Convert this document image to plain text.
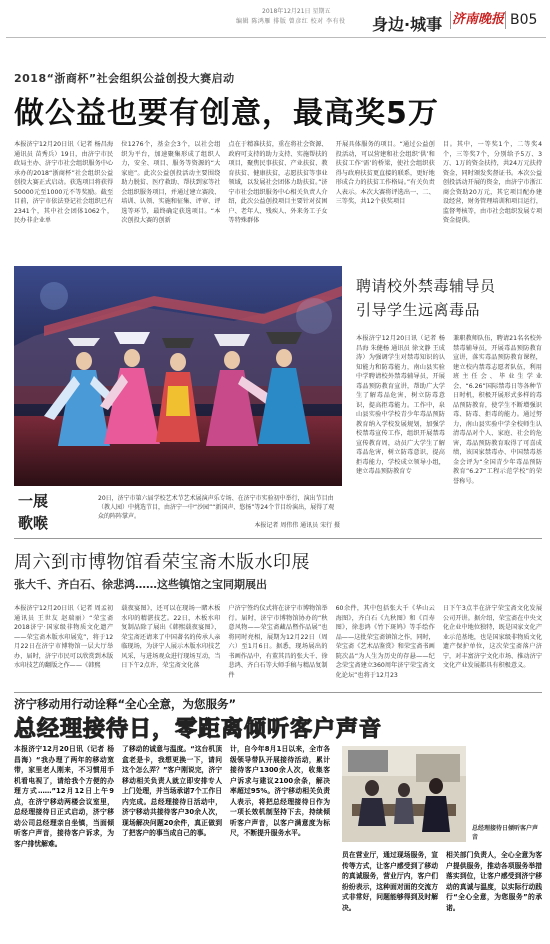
2018年12月21日 星期五
编辑 陈鸿雁 排版 曾彦红 校对 李有役 身边·城事 济南晚报 B05
2018“浙商杯”社会组织公益创投大赛启动
做公益也要有创意，最高奖5万
本报济宁12月20日讯（记者 杨昌海 通讯员 苗秀兵）19日，由济宁市民政局主办、济宁市社会组织服务中心承办的2018“浙商杯”社会组织公益创投大赛正式启动。获选项目将获得50000元至1000元不等奖励。截至目前，济宁市依法登记社会组织已有2341个，其中社会团体1062个，民办非企业单
位1276个，基金会3个，以社会组织为平台，加速聚集形成了组织人力，安全、项目、服务等资源的“大家庭”。此次公益创投活动主要围绕助力脱贫、医疗救助、帮扶到家等社会组织服务项目，并通过建立赛段、培训、认领、实施和征集、评审、评选等环节，最终确定获选项目。“本次创投大赛的创新
点在于精准扶贫，重在将社会资源、政府可支持的助力支持、实施帮扶的项目，聚焦民事扶贫、产业扶贫、教育扶贫、健康扶贫，志愿扶贫等事业领域，以发展社会团体力助扶贫。”济宁市社会组织服务中心相关负责人介绍，此次公益创投项目主要针对贫困户、老年人、残疾人、外来务工子女等特殊群体
开展具体服务的项目。“通过公益创投活动，可以营建和社会组织‘供’和扶贫工作‘需’的桥梁，使社会组织获得与政府扶贫更直接的联系，更好地形成合力的扶贫工作格局。”有关负责人表示。本次大赛将评选出一、二、三等奖，共12个获奖项目
目。其中，一等奖1个，二等奖4个，三等奖7个，分别给予5万、3万、1万的资金扶持，共24万元扶持资金，同时颁发奖督证书。本次公益创投活动开展的资金，由济宁市浙江商会资助20万元，其它项目配办建设经营，财务管理培训和项目运行，监督考核等，由市社会组织发展专项资金提供。
一展
歌喉
20日，济宁市第六届学校艺术节艺术展演声乐专场、在济宁市实验初中举行，演出节目由（教人园）中挑选节目，由济宁一中“沙园”“新国声、悠扬”等24个节目纷演出，展得了观众的阵阵掌声。
本报记者 周伟伟 通讯员 宋行 摄
聘请校外禁毒辅导员
引导学生远离毒品
本报济宁12月20日讯（记者 杨昌海 朱健杨 通讯员 徐文静 王成涛）为强调学生对禁毒知识的认知能力和防毒能力，南山县实验中学聘请校外禁毒辅导员，开展毒品预防教育宣讲，帮助广大学生了解毒品危害，树立防毒意识，提高拒毒能力。工作中，泉山县实验中学校青少年毒品预防教育纳入学校发展规划，加强学校禁毒宣传工作，组织开展禁毒宣传教育周，动员广大学生了解毒品危害，树立防毒意识，提高拒毒能力，学校成立领导小组，建立毒品预防教育专
兼职教师队伍，聘请21名名校外禁毒辅导员，开展毒品预防教育宣讲，落实毒品预防教育课程，建立校内禁毒志愿者队伍，利用班主任会、毕业生学业会、“6.26”国际禁毒日等各种节日时机，积极开展形式多样的毒品预防教育，使学生不断增强识毒、防毒、拒毒的能力。通过努力，南山县实验中学全校师生认清毒品对个人、家庭、社会的危害，毒品预防教育取得了可喜成绩，该国家禁毒办、中国禁毒基金会评为“全国青少年毒品预防教育”6.27“工程示范学校”的荣誉称号。
周六到市博物馆看荣宝斋木版水印展
张大千、齐白石、徐悲鸿……这些镇馆之宝同期展出
本报济宁12月20日讯（记者 周孟初 通讯员 王世友 赵瑞丽）“荣宝斋2018济宁·国家级非物质文化遗产——荣宝斋木版水印展览”，将于12月22日在济宁市博物馆一层大厅举办，届时，济宁市民可以欣赏到木版水印技艺的翻版之作——《韩熙
载夜宴图》，还可以在现场一睹木板水印的精湛技艺。22日，木板水印复制品除了展出《韩熙载夜宴图》，荣宝斋还请来了中国著名的传承人亲临现场，为济宁人展示木版水印技艺风采，与进场观众进行现场互动，当日下午2点许，荣宝斋文化落
户济宁签约仪式将在济宁市博物馆举行。届时，济宁市博物馆协办的“秋意风物——荣宝斋藏品暨作品展”也将同时亮相，展期为12月22日（周六）至1月6日。据悉，现场展出的书画作品中，有董其昌的张大千、徐悲鸿、齐白石等大师手稿与精品复制件
60余件，其中包括张大千《华山云海图》，齐白石《九秋图》和《百寿图》，徐悲鸿《竹下斑鸠》等手绘作品——这批荣宝斋镇馆之作，同时，荣宝斋《艺术品鉴赏》和荣宝斋书画院次品“为人生为历史的存悬——纪念荣宝斋建立360周年济宁荣宝斋文化论坛”也将于12月23
日下午3点半在济宁荣宝斋文化发展公司开讲。据介绍，荣宝斋在中央文化企业中地位独特，既是国家文化产业示范基地，也是国家级非物质文化遗产保护单位，这次荣宝斋落户济宁，对丰富济宁文化市场、推动济宁文化产业发展都具有积极意义。
济宁移动用行动诠释“全心全意，为您服务”
总经理接待日，零距离倾听客户声音
本报济宁12月20日讯（记者 杨昌海）“我办理了两年的移动宽带，家里老人刚来，不习惯用手机看电视了，请给我个方便的办理方式……”12月12日上午9点，在济宁移动两楼会议室里，总经理接待日正式启动，济宁移动公司总经理亲自坐镇，当面倾听客户声音，接待客户诉求，为客户排忧解难。
了移动的诚意与温度。“这台机顶盒老是卡，我想更换一下，请问这个怎么弄？”客户刚说完，济宁移动相关负责人就立即安排专人上门处理，并当场承诺7个工作日内完成。总经理接待日活动中，济宁移动共接待客户30余人次，现场解决问题20余件，真正做到了把客户的事当成自己的事。
计，自今年8月1日以来，全市各级领导带队开展接待活动，累计接待客户1300余人次，收集客户诉求与建议2100余条，解决率超过95%。济宁移动相关负责人表示，将把总经理接待日作为一项长效机制坚持下去，持续倾听客户声音，以客户满意度为标尺，不断提升服务水平。
总经理接待日倾听客户声音
员在营业厅，通过现场服务，宣传等方式，让客户感受到了移动的真诚服务，营业厅内，客户们纷纷表示，这种面对面的交流方式非常好，问题能够得到及时解决。
相关部门负责人，全心全意为客户提供服务，推动各项服务举措落实到位，让客户感受到济宁移动的真诚与温度，以实际行动践行“全心全意，为您服务”的承诺。
